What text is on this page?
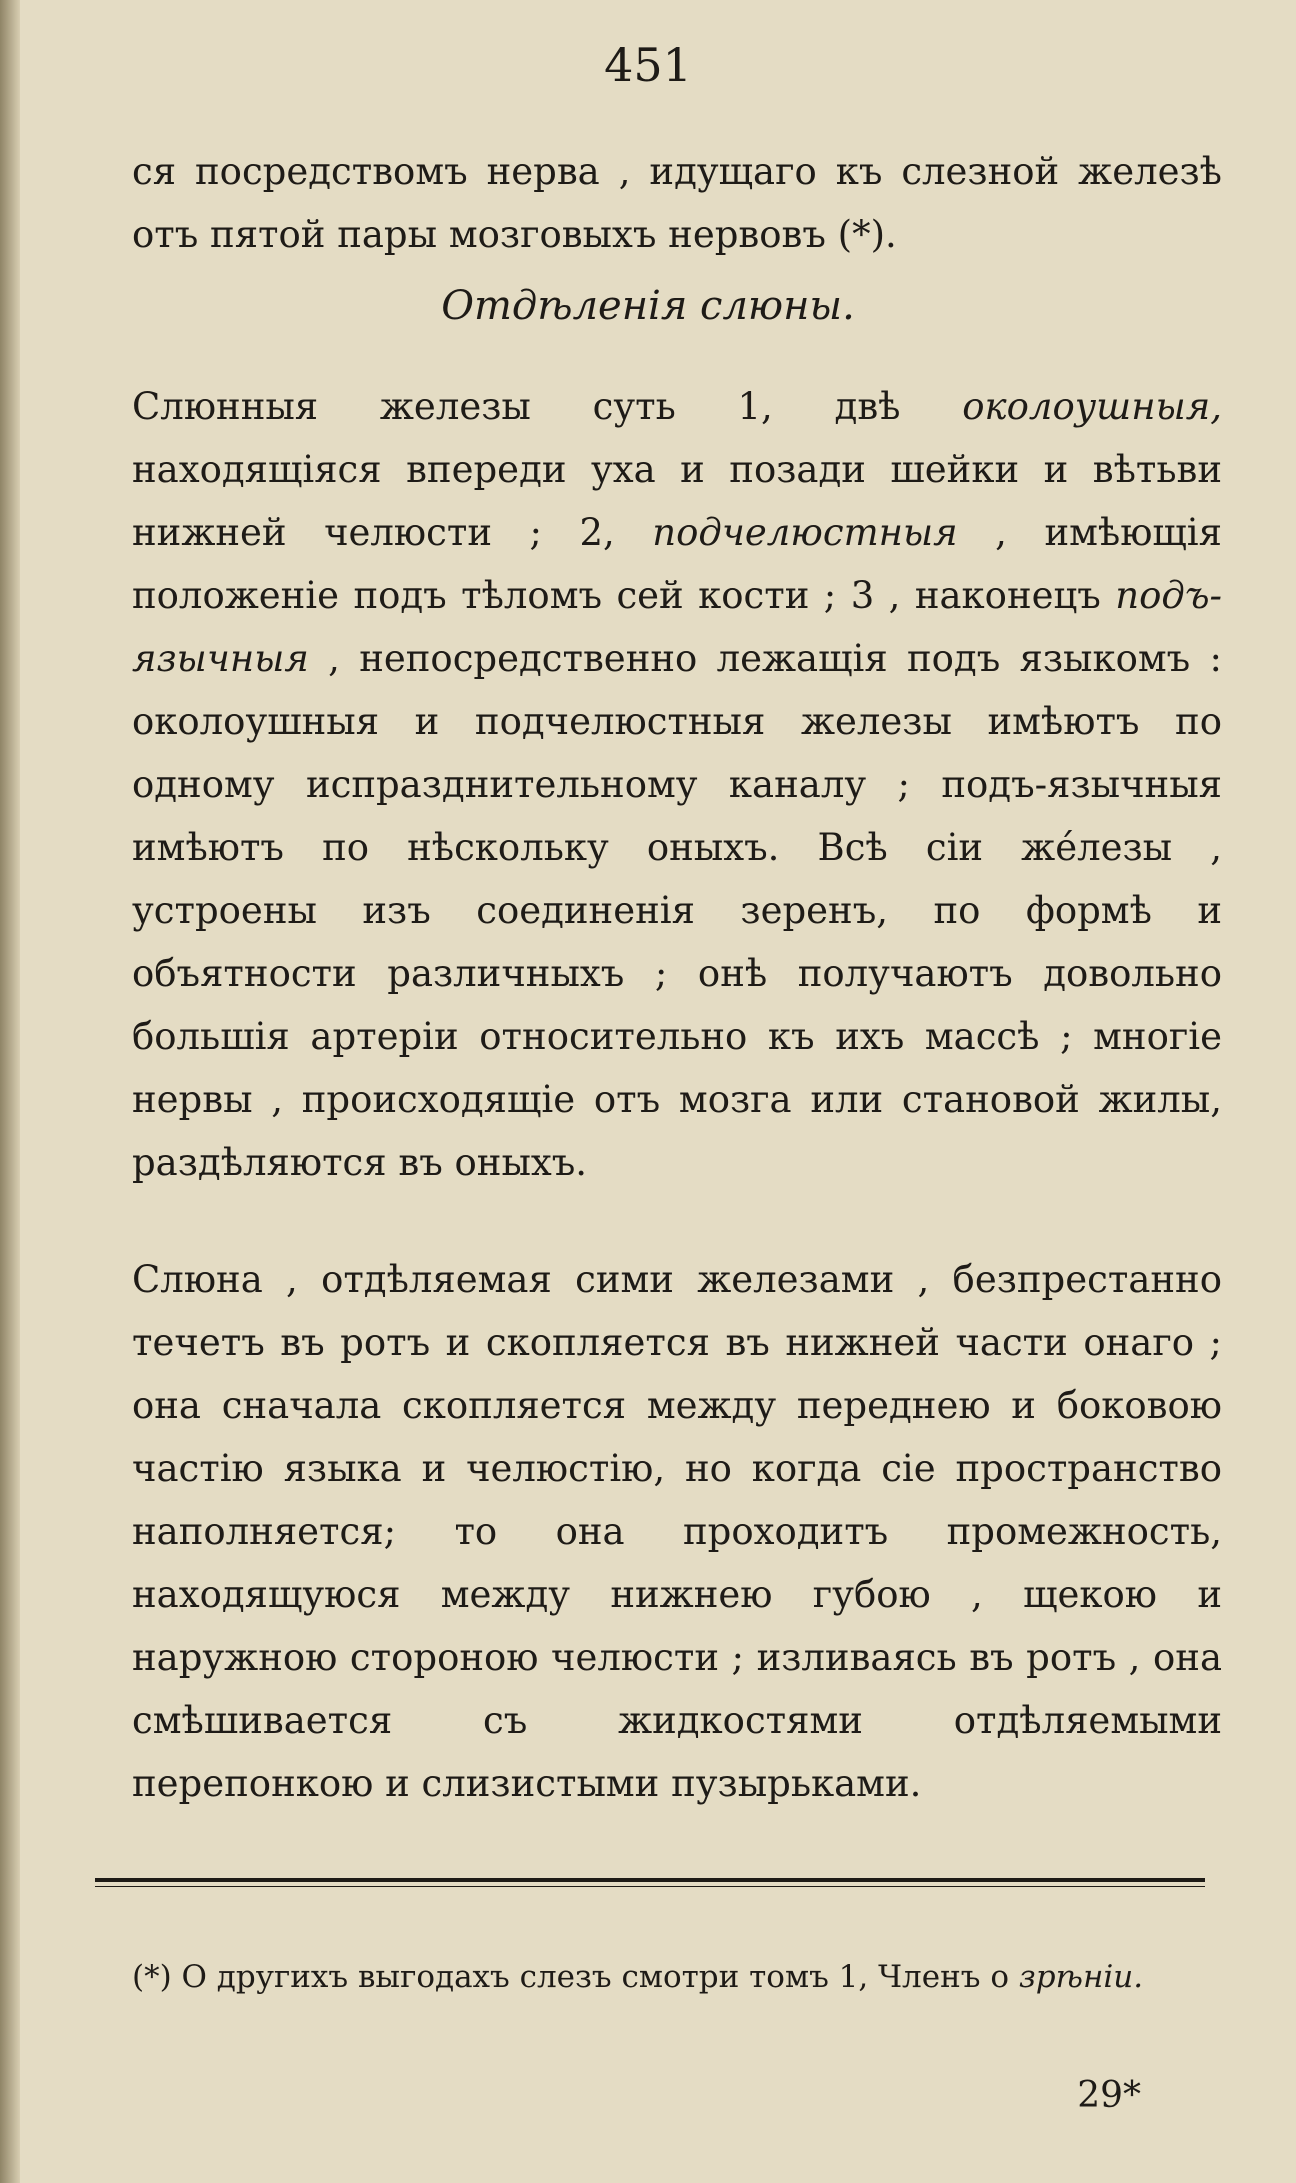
451

ся посредствомъ нерва , идущаго къ слезной железѣ отъ пятой пары мозговыхъ нервовъ (*).

Отдѣленія слюны.

Слюнныя железы суть 1, двѣ околоушныя, находящіяся впереди уха и позади шейки и вѣтьви нижней челюсти ; 2, подчелюстныя , имѣющія положеніе подъ тѣломъ сей кости ; 3 , наконецъ подъ-язычныя , непосредственно лежащія подъ языкомъ : околоушныя и подчелюстныя железы имѣютъ по одному испразднительному каналу ; подъ-язычныя имѣютъ по нѣскольку оныхъ. Всѣ сіи же́лезы , устроены изъ соединенія зеренъ, по формѣ и объятности различныхъ ; онѣ получаютъ довольно большія артеріи относительно къ ихъ массѣ ; многіе нервы , происходящіе отъ мозга или становой жилы, раздѣляются въ оныхъ.

Слюна , отдѣляемая сими железами , безпрестанно течетъ въ ротъ и скопляется въ нижней части онаго ; она сначала скопляется между переднею и боковою частію языка и челюстію, но когда сіе пространство наполняется; то она проходитъ промежность, находящуюся между нижнею губою , щекою и наружною стороною челюсти ; изливаясь въ ротъ , она смѣшивается съ жидкостями отдѣляемыми перепонкою и слизистыми пузырьками.

(*) О другихъ выгодахъ слезъ смотри томъ 1, Членъ о зрѣніи.
29*
